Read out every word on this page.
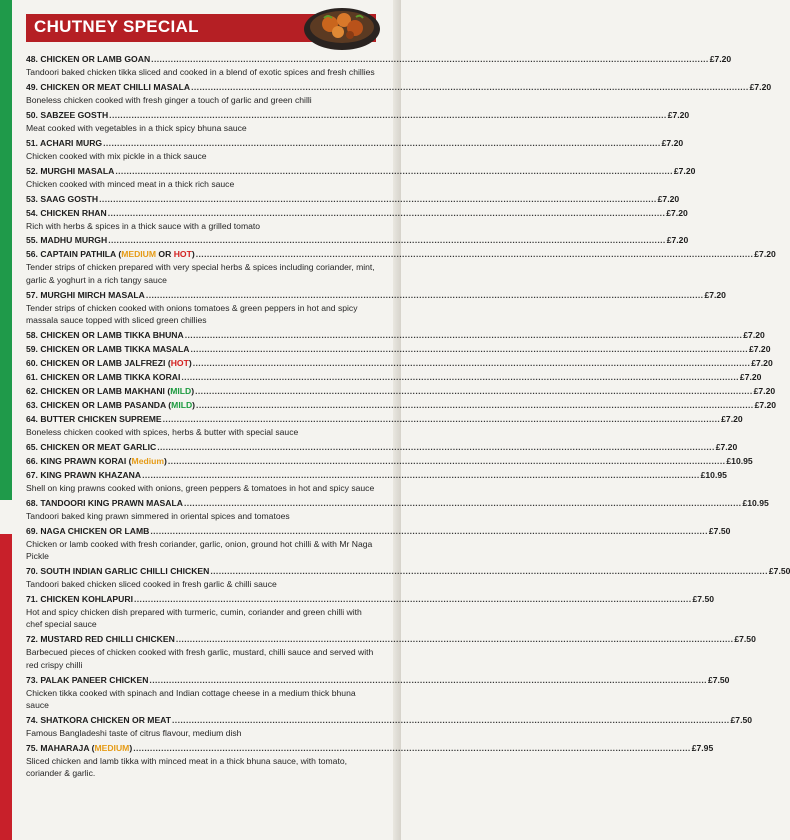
CHUTNEY SPECIAL
48. CHICKEN OR LAMB GOAN ........................................................................................................................................................................................................ £7.20
Tandoori baked chicken tikka sliced and cooked in a blend of exotic spices and fresh chillies
49. CHICKEN OR MEAT CHILLI MASALA ........................................................................................................................................................................................................ £7.20
Boneless chicken cooked with fresh ginger a touch of garlic and green chilli
50. SABZEE GOSTH ........................................................................................................................................................................................................ £7.20
Meat cooked with vegetables in a thick spicy bhuna sauce
51. ACHARI MURG ........................................................................................................................................................................................................ £7.20
Chicken cooked with mix pickle in a thick sauce
52. MURGHI MASALA ........................................................................................................................................................................................................ £7.20
Chicken cooked with minced meat in a thick rich sauce
53. SAAG GOSTH ........................................................................................................................................................................................................ £7.20
54. CHICKEN RHAN ........................................................................................................................................................................................................ £7.20
Rich with herbs & spices in a thick sauce with a grilled tomato
55. MADHU MURGH ........................................................................................................................................................................................................ £7.20
56. CAPTAIN PATHILA (MEDIUM OR HOT) ........................................................................................................................................................................................................ £7.20
Tender strips of chicken prepared with very special herbs & spices including coriander, mint, garlic & yoghurt in a rich tangy sauce
57. MURGHI MIRCH MASALA ........................................................................................................................................................................................................ £7.20
Tender strips of chicken cooked with onions tomatoes & green peppers in hot and spicy massala sauce topped with sliced green chillies
58. CHICKEN OR LAMB TIKKA BHUNA ........................................................................................................................................................................................................ £7.20
59. CHICKEN OR LAMB TIKKA MASALA ........................................................................................................................................................................................................ £7.20
60. CHICKEN OR LAMB JALFREZI (HOT) ........................................................................................................................................................................................................ £7.20
61. CHICKEN OR LAMB TIKKA KORAI ........................................................................................................................................................................................................ £7.20
62. CHICKEN OR LAMB MAKHANI (MILD) ........................................................................................................................................................................................................ £7.20
63. CHICKEN OR LAMB PASANDA (MILD) ........................................................................................................................................................................................................ £7.20
64. BUTTER CHICKEN SUPREME ........................................................................................................................................................................................................ £7.20
Boneless chicken cooked with spices, herbs & butter with special sauce
65. CHICKEN OR MEAT GARLIC ........................................................................................................................................................................................................ £7.20
66. KING PRAWN KORAI (Medium) ........................................................................................................................................................................................................ £10.95
67. KING PRAWN KHAZANA ........................................................................................................................................................................................................ £10.95
Shell on king prawns cooked with onions, green peppers & tomatoes in hot and spicy sauce
68. TANDOORI KING PRAWN MASALA ........................................................................................................................................................................................................ £10.95
Tandoori baked king prawn simmered in oriental spices and tomatoes
69. NAGA CHICKEN OR LAMB ........................................................................................................................................................................................................ £7.50
Chicken or lamb cooked with fresh coriander, garlic, onion, ground hot chilli & with Mr Naga Pickle
70. SOUTH INDIAN GARLIC CHILLI CHICKEN ........................................................................................................................................................................................................ £7.50
Tandoori baked chicken sliced cooked in fresh garlic & chilli sauce
71. CHICKEN KOHLAPURI ........................................................................................................................................................................................................ £7.50
Hot and spicy chicken dish prepared with turmeric, cumin, coriander and green chilli with chef special sauce
72. MUSTARD RED CHILLI CHICKEN ........................................................................................................................................................................................................ £7.50
Barbecued pieces of chicken cooked with fresh garlic, mustard, chilli sauce and served with red crispy chilli
73. PALAK PANEER CHICKEN ........................................................................................................................................................................................................ £7.50
Chicken tikka cooked with spinach and Indian cottage cheese in a medium thick bhuna sauce
74. SHATKORA CHICKEN OR MEAT ........................................................................................................................................................................................................ £7.50
Famous Bangladeshi taste of citrus flavour, medium dish
75. MAHARAJA (MEDIUM) ........................................................................................................................................................................................................ £7.95
Sliced chicken and lamb tikka with minced meat in a thick bhuna sauce, with tomato, coriander & garlic.
